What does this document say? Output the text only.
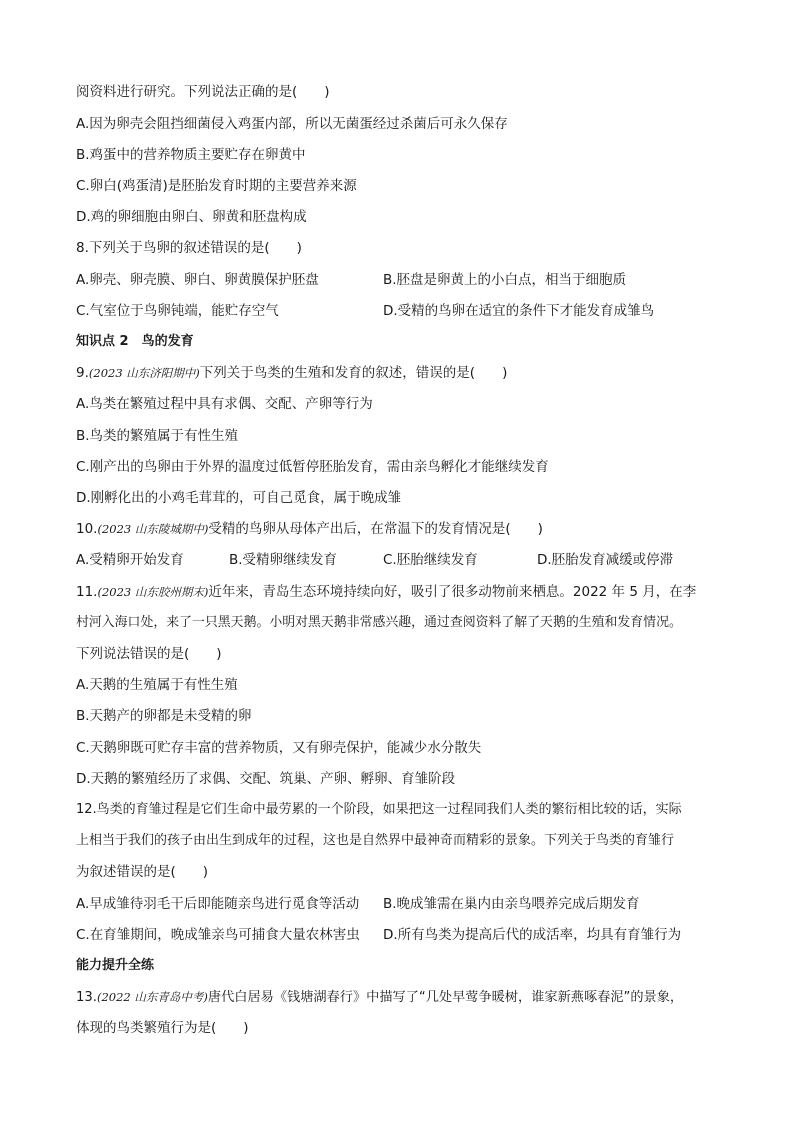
阅资料进行研究。下列说法正确的是(　　)
A.因为卵壳会阻挡细菌侵入鸡蛋内部，所以无菌蛋经过杀菌后可永久保存
B.鸡蛋中的营养物质主要贮存在卵黄中
C.卵白(鸡蛋清)是胚胎发育时期的主要营养来源
D.鸡的卵细胞由卵白、卵黄和胚盘构成
8.下列关于鸟卵的叙述错误的是(　　)
A.卵壳、卵壳膜、卵白、卵黄膜保护胚盘	B.胚盘是卵黄上的小白点，相当于细胞质
C.气室位于鸟卵钝端，能贮存空气	D.受精的鸟卵在适宜的条件下才能发育成雏鸟
知识点 2　鸟的发育
9.(2023 山东济阳期中)下列关于鸟类的生殖和发育的叙述，错误的是(　　)
A.鸟类在繁殖过程中具有求偶、交配、产卵等行为
B.鸟类的繁殖属于有性生殖
C.刚产出的鸟卵由于外界的温度过低暂停胚胎发育，需由亲鸟孵化才能继续发育
D.刚孵化出的小鸡毛茸茸的，可自己觅食，属于晚成雏
10.(2023 山东陵城期中)受精的鸟卵从母体产出后，在常温下的发育情况是(　　)
A.受精卵开始发育	B.受精卵继续发育	C.胚胎继续发育	D.胚胎发育减缓或停滞
11.(2023 山东胶州期末)近年来，青岛生态环境持续向好，吸引了很多动物前来栖息。2022 年 5 月，在李
村河入海口处，来了一只黑天鹅。小明对黑天鹅非常感兴趣，通过查阅资料了解了天鹅的生殖和发育情况。
下列说法错误的是(　　)
A.天鹅的生殖属于有性生殖
B.天鹅产的卵都是未受精的卵
C.天鹅卵既可贮存丰富的营养物质，又有卵壳保护，能减少水分散失
D.天鹅的繁殖经历了求偶、交配、筑巢、产卵、孵卵、育雏阶段
12.鸟类的育雏过程是它们生命中最劳累的一个阶段，如果把这一过程同我们人类的繁衍相比较的话，实际
上相当于我们的孩子由出生到成年的过程，这也是自然界中最神奇而精彩的景象。下列关于鸟类的育雏行
为叙述错误的是(　　)
A.早成雏待羽毛干后即能随亲鸟进行觅食等活动 B.晚成雏需在巢内由亲鸟喂养完成后期发育
C.在育雏期间，晚成雏亲鸟可捕食大量农林害虫 D.所有鸟类为提高后代的成活率，均具有育雏行为
能力提升全练
13.(2022 山东青岛中考)唐代白居易《钱塘湖春行》中描写了“几处早莺争暖树，谁家新燕啄春泥”的景象，
体现的鸟类繁殖行为是(　　)
